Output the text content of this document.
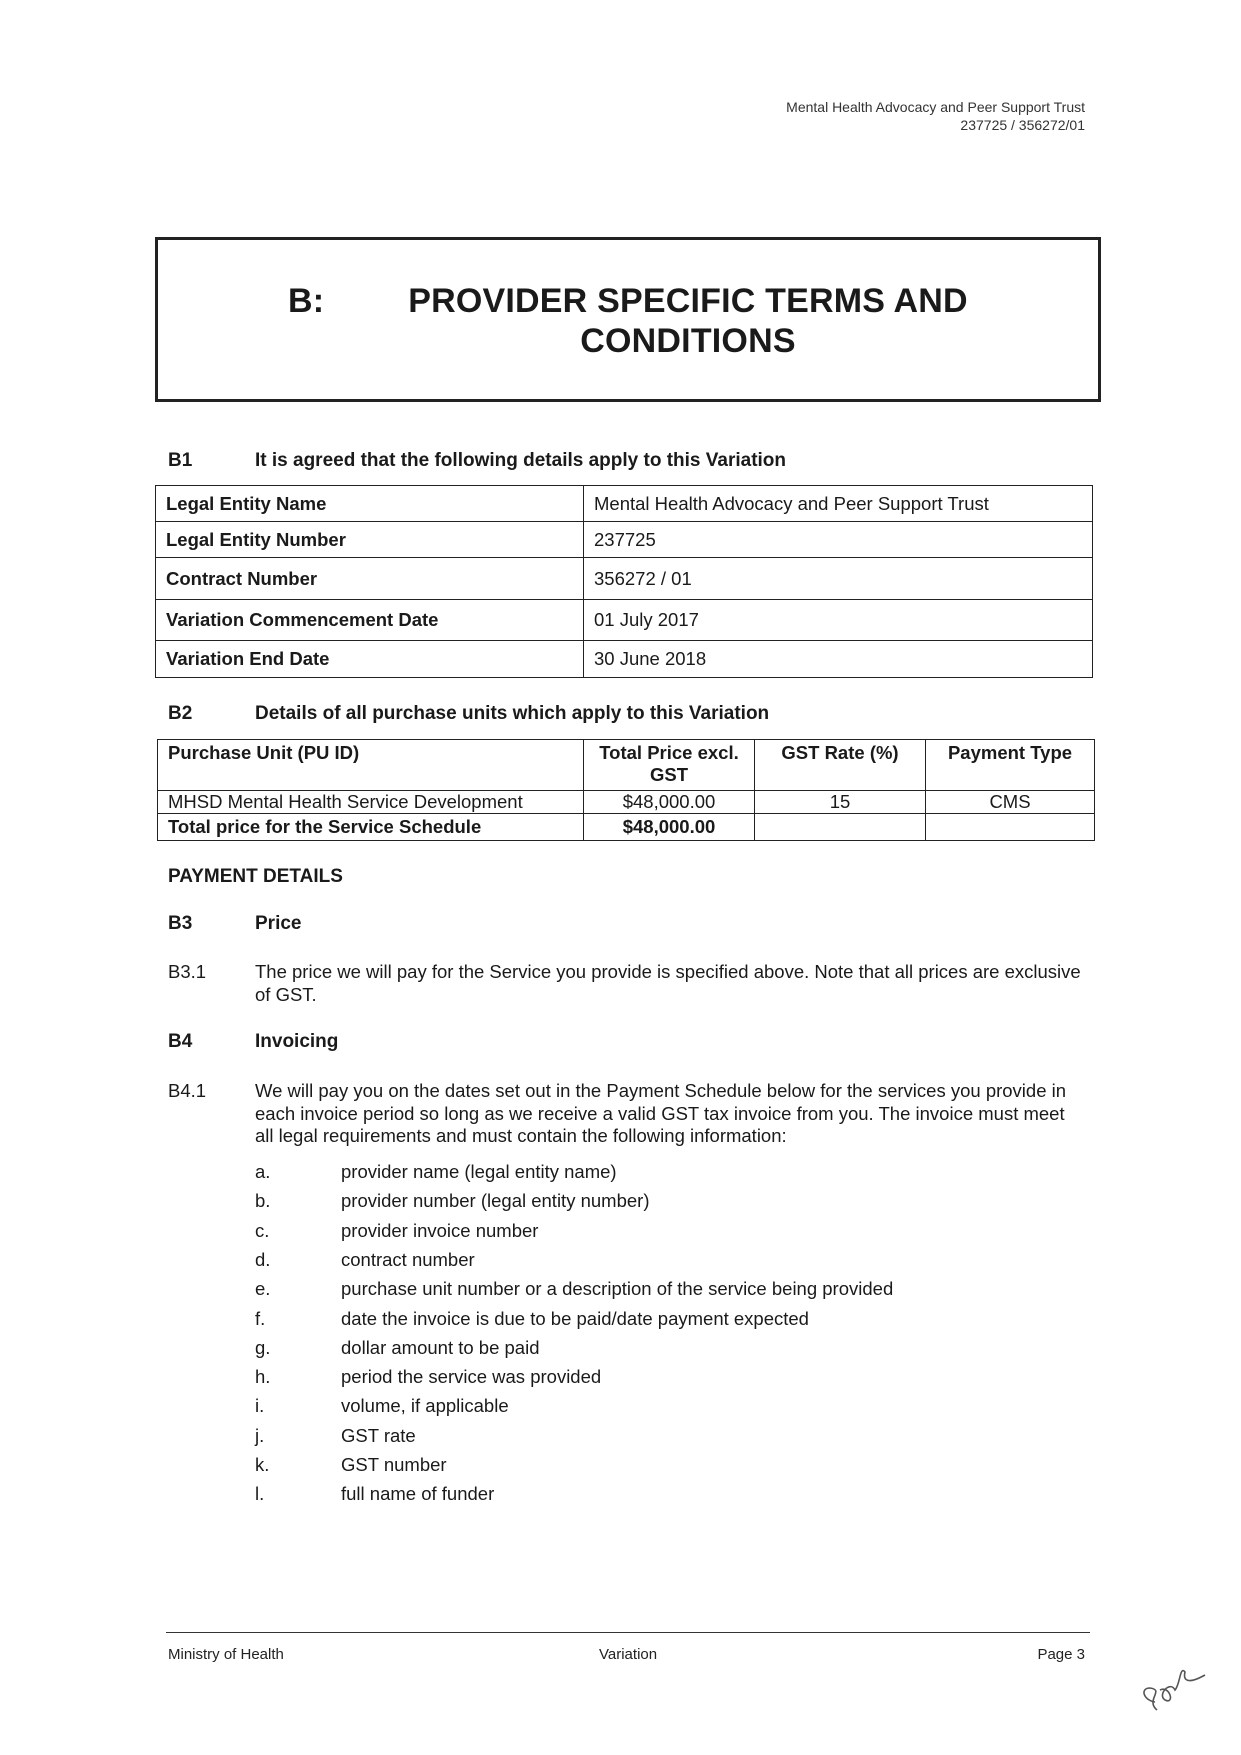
Mental Health Advocacy and Peer Support Trust
237725 / 356272/01
B: PROVIDER SPECIFIC TERMS AND
CONDITIONS
B1	It is agreed that the following details apply to this Variation
Legal Entity Name	Mental Health Advocacy and Peer Support Trust
Legal Entity Number	237725
Contract Number	356272 / 01
Variation Commencement Date	01 July 2017
Variation End Date	30 June 2018
B2	Details of all purchase units which apply to this Variation
Purchase Unit (PU ID)	Total Price excl. GST	GST Rate (%)	Payment Type
MHSD Mental Health Service Development	$48,000.00	15	CMS
Total price for the Service Schedule	$48,000.00		
PAYMENT DETAILS
B3	Price
B3.1	The price we will pay for the Service you provide is specified above. Note that all prices are exclusive of GST.
B4	Invoicing
B4.1	We will pay you on the dates set out in the Payment Schedule below for the services you provide in each invoice period so long as we receive a valid GST tax invoice from you. The invoice must meet all legal requirements and must contain the following information:
a.	provider name (legal entity name)
b.	provider number (legal entity number)
c.	provider invoice number
d.	contract number
e.	purchase unit number or a description of the service being provided
f.	date the invoice is due to be paid/date payment expected
g.	dollar amount to be paid
h.	period the service was provided
i.	volume, if applicable
j.	GST rate
k.	GST number
l.	full name of funder
Ministry of Health	Variation	Page 3
